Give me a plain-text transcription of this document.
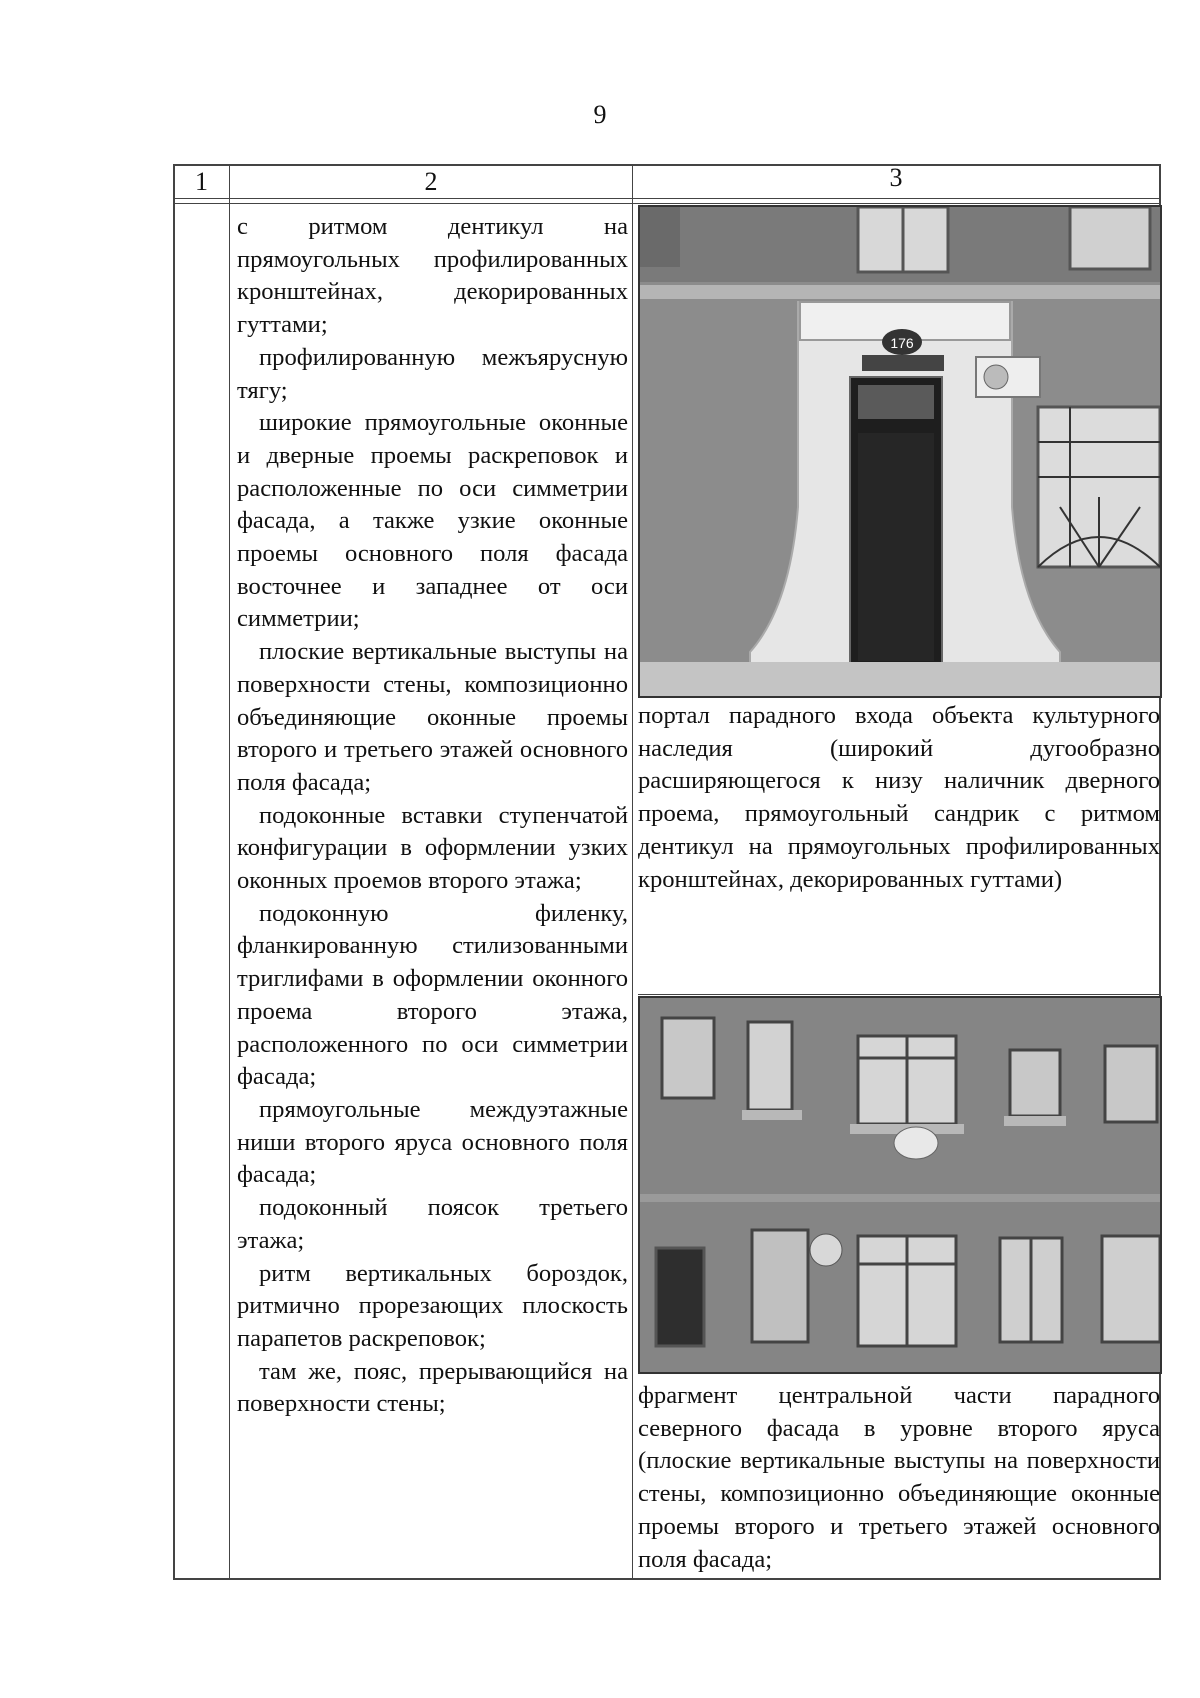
9
1	2	3
с ритмом дентикул на прямоугольных профилированных кронштейнах, декорированных гуттами;
профилированную межъярусную тягу;
широкие прямоугольные оконные и дверные проемы раскреповок и расположенные по оси симметрии фасада, а также узкие оконные проемы основного поля фасада восточнее и западнее от оси симметрии;
плоские вертикальные выступы на поверхности стены, композиционно объединяющие оконные проемы второго и третьего этажей основного поля фасада;
подоконные вставки ступенчатой конфигурации в оформлении узких оконных проемов второго этажа;
подоконную филенку, фланкированную стилизованными триглифами в оформлении оконного проема второго этажа, расположенного по оси симметрии фасада;
прямоугольные междуэтажные ниши второго яруса основного поля фасада;
подоконный поясок третьего этажа;
ритм вертикальных бороздок, ритмично прорезающих плоскость парапетов раскреповок;
там же, пояс, прерывающийся на поверхности стены;
176
портал парадного входа объекта культурного наследия (широкий дугообразно расширяющегося к низу наличник дверного проема, прямоугольный сандрик с ритмом дентикул на прямоугольных профилированных кронштейнах, декорированных гуттами)
фрагмент центральной части парадного северного фасада в уровне второго яруса (плоские вертикальные выступы на поверхности стены, композиционно объединяющие оконные проемы второго и третьего этажей основного поля фасада;
